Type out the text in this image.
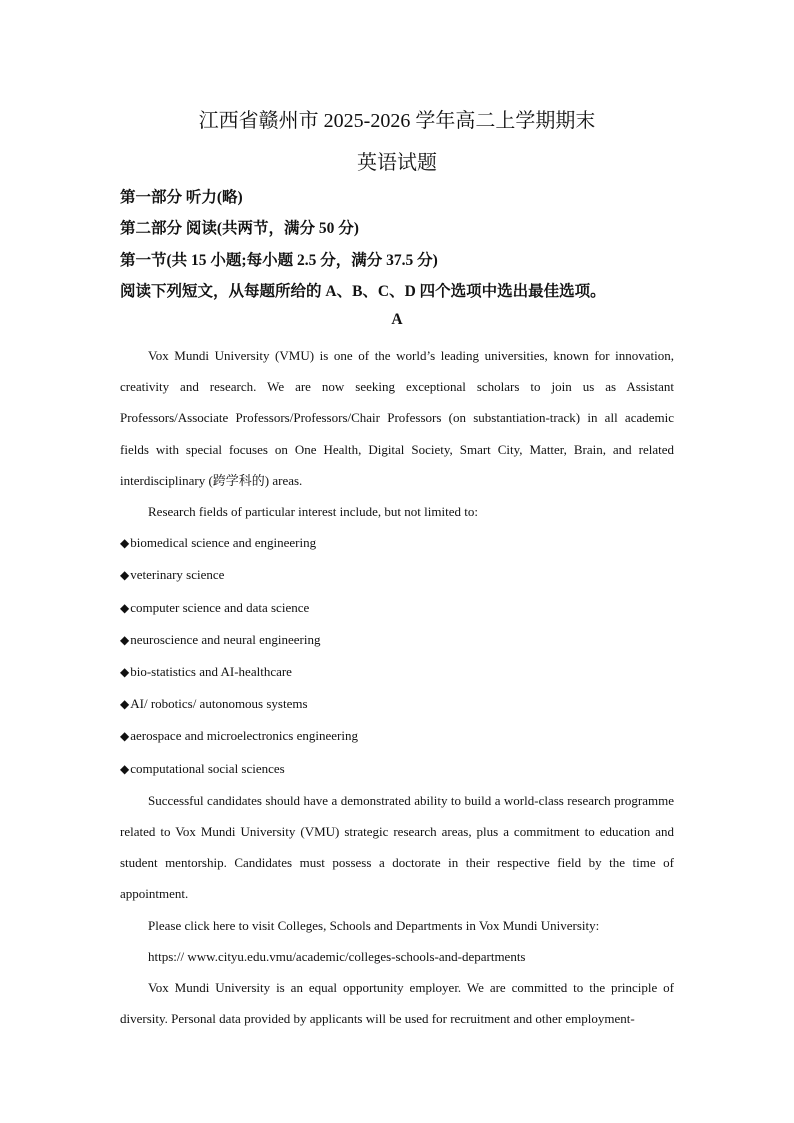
江西省赣州市 2025-2026 学年高二上学期期末
英语试题
第一部分 听力(略)
第二部分 阅读(共两节，满分 50 分)
第一节(共 15 小题;每小题 2.5 分，满分 37.5 分)
阅读下列短文，从每题所给的 A、B、C、D 四个选项中选出最佳选项。
A

Vox Mundi University (VMU) is one of the world’s leading universities, known for innovation, creativity and research. We are now seeking exceptional scholars to join us as Assistant Professors/Associate Professors/Professors/Chair Professors (on substantiation-track) in all academic fields with special focuses on One Health, Digital Society, Smart City, Matter, Brain, and related interdisciplinary (跨学科的) areas.

Research fields of particular interest include, but not limited to:

◆biomedical science and engineering
◆veterinary science
◆computer science and data science
◆neuroscience and neural engineering
◆bio-statistics and AI-healthcare
◆AI/ robotics/ autonomous systems
◆aerospace and microelectronics engineering
◆computational social sciences

Successful candidates should have a demonstrated ability to build a world-class research programme related to Vox Mundi University (VMU) strategic research areas, plus a commitment to education and student mentorship. Candidates must possess a doctorate in their respective field by the time of appointment.

Please click here to visit Colleges, Schools and Departments in Vox Mundi University:

https:// www.cityu.edu.vmu/academic/colleges-schools-and-departments

Vox Mundi University is an equal opportunity employer. We are committed to the principle of diversity. Personal data provided by applicants will be used for recruitment and other employment-
